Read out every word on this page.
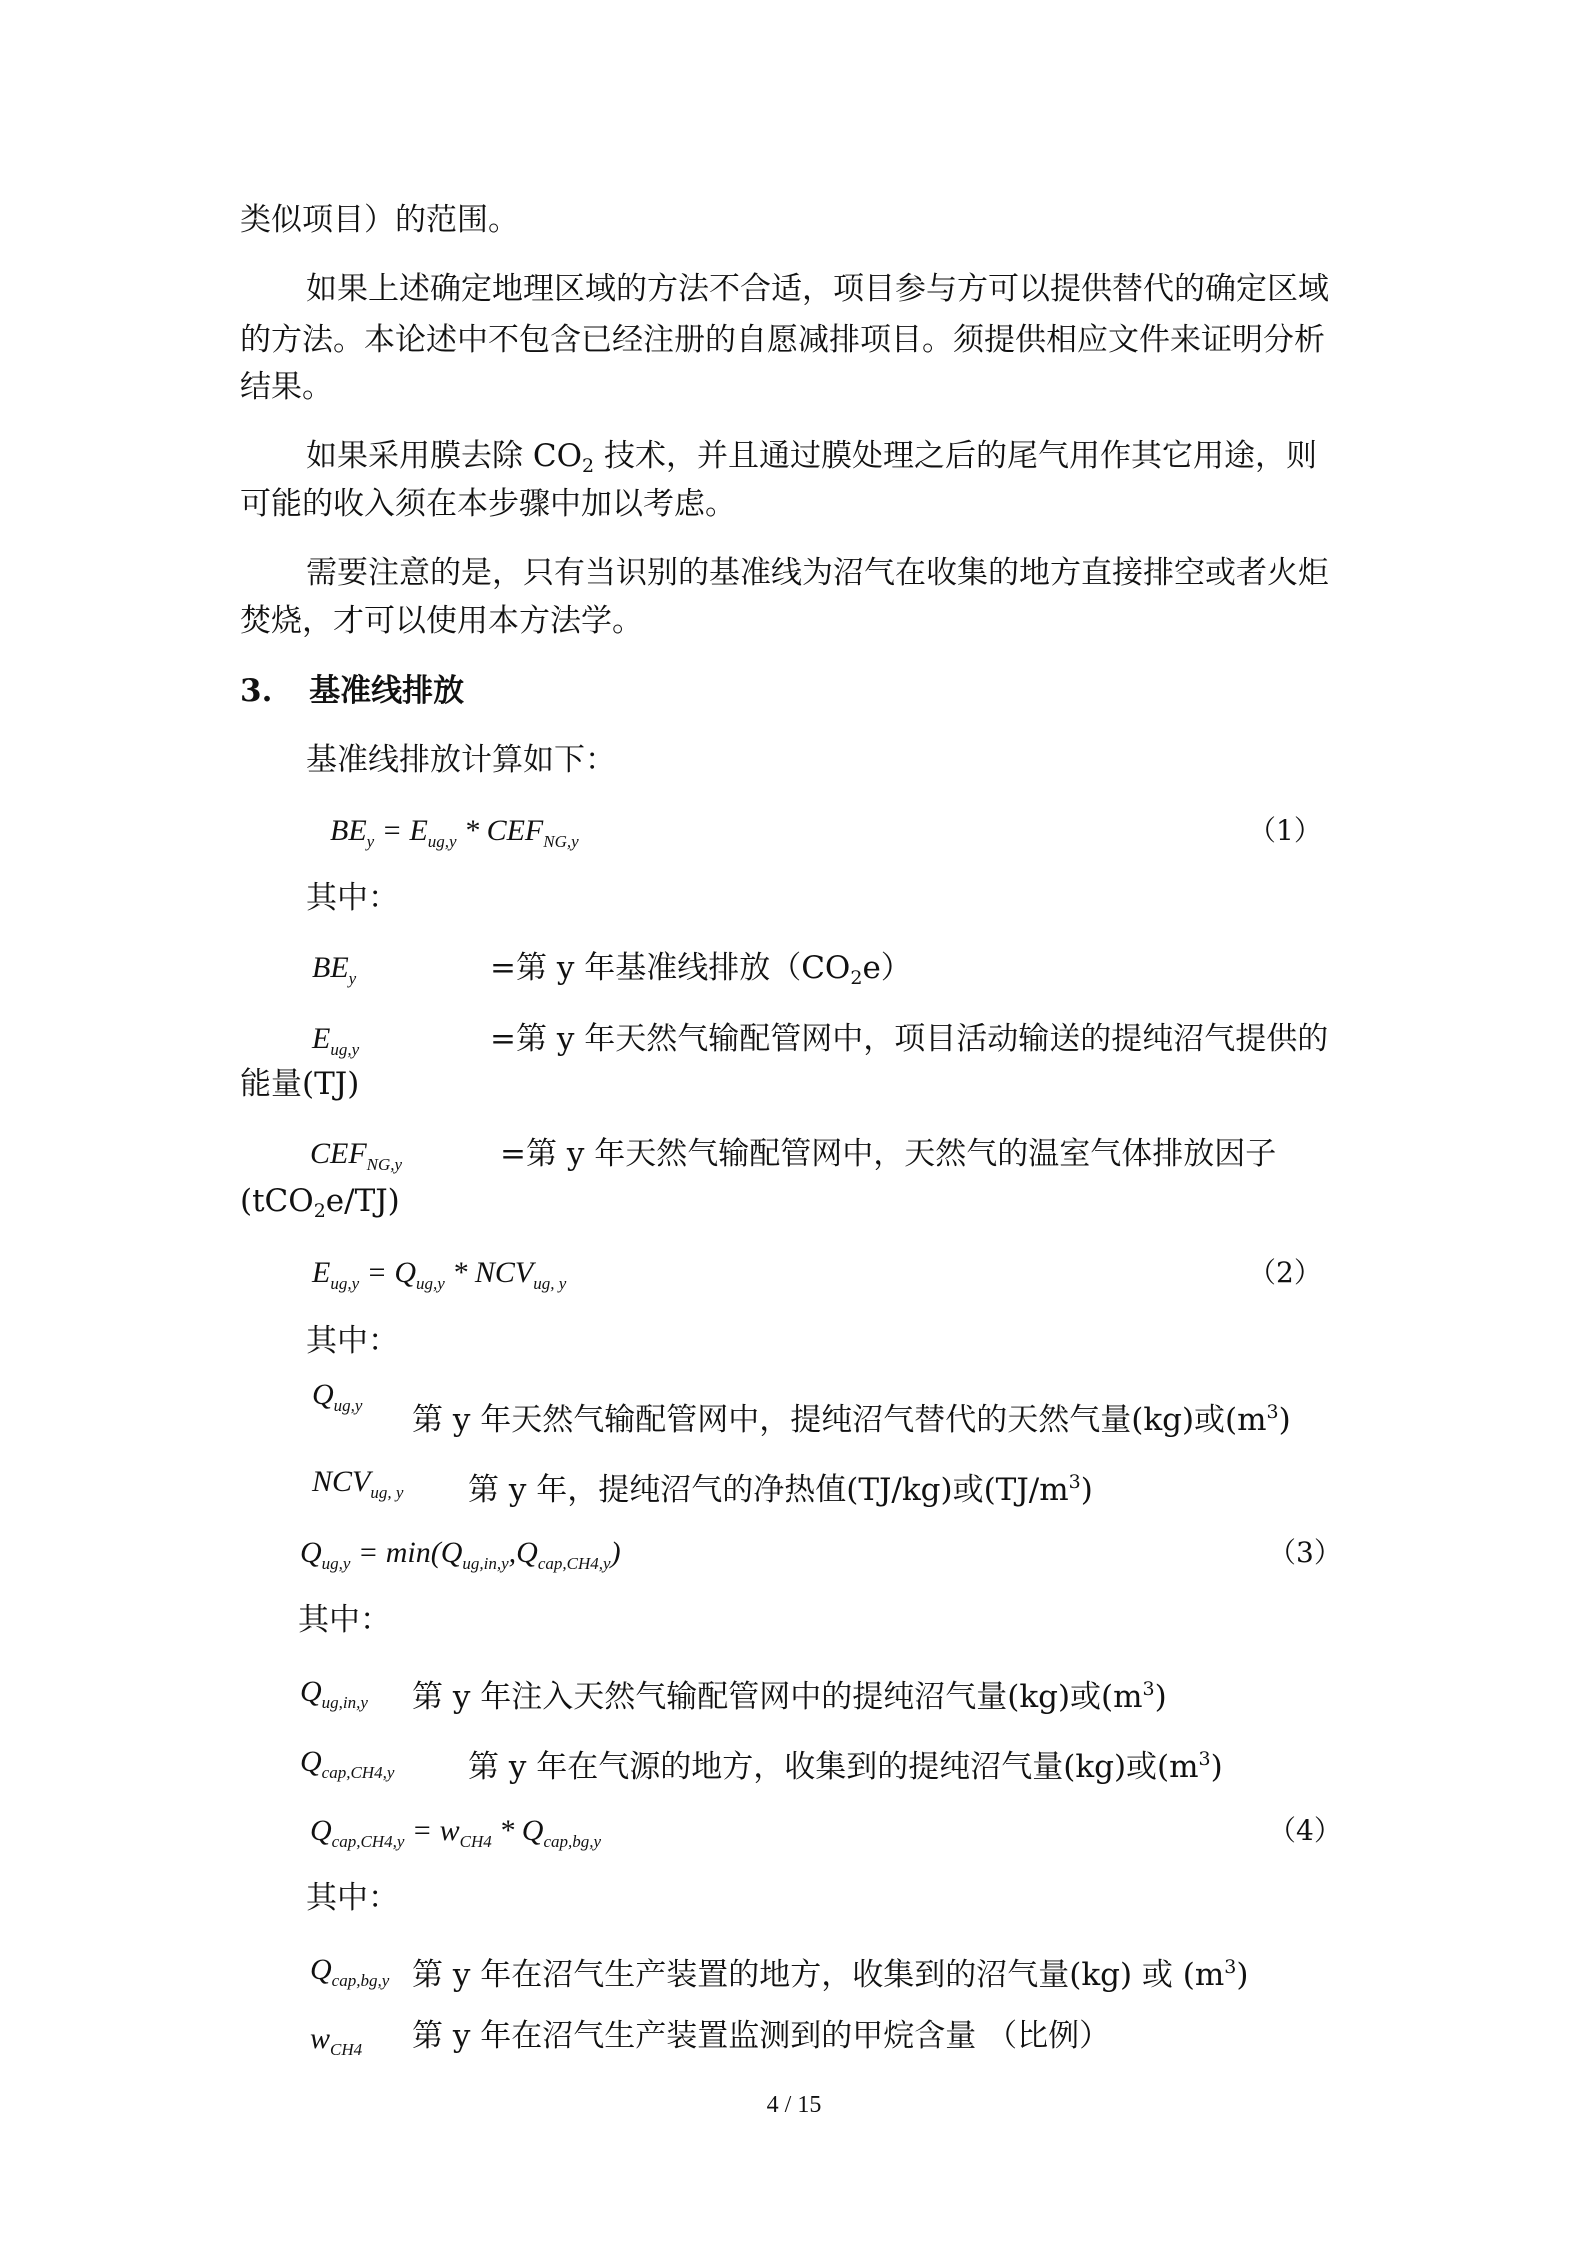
类似项目）的范围。
如果上述确定地理区域的方法不合适，项目参与方可以提供替代的确定区域
的方法。本论述中不包含已经注册的自愿减排项目。须提供相应文件来证明分析
结果。
如果采用膜去除 $CO_2$ 技术，并且通过膜处理之后的尾气用作其它用途，则
可能的收入须在本步骤中加以考虑。
需要注意的是，只有当识别的基准线为沼气在收集的地方直接排空或者火炬
焚烧，才可以使用本方法学。
3. 基准线排放
基准线排放计算如下：
$BE_y = E_{ug,y} * CEF_{NG,y}$	（1）
其中：
$BE_y$	=第 y 年基准线排放$(CO_2e)$
$E_{ug,y}$	=第 y 年天然气输配管网中，项目活动输送的提纯沼气提供的
能量(TJ)
$CEF_{NG,y}$	=第 y 年天然气输配管网中，天然气的温室气体排放因子
(tCO$_2$e/TJ)
$E_{ug,y} = Q_{ug,y} * NCV_{ug, y}$	（2）
其中：
$Q_{ug,y}$ 第 y 年天然气输配管网中，提纯沼气替代的天然气量(kg)或$(m^3)$
$NCV_{ug, y}$ 第 y 年，提纯沼气的净热值(TJ/kg)或$(TJ/m^3)$
$Q_{ug,y} = \min(Q_{ug,in,y},Q_{cap,CH4,y})$	（3）
其中：
$Q_{ug,in,y}$ 第 y 年注入天然气输配管网中的提纯沼气量(kg)或$(m^3)$
$Q_{cap,CH4,y}$ 第 y 年在气源的地方，收集到的提纯沼气量(kg)或$(m^3)$
$Q_{cap,CH4,y} = w_{CH4} * Q_{cap,bg,y}$	（4）
其中：
$Q_{cap,bg,y}$ 第 y 年在沼气生产装置的地方，收集到的沼气量(kg) 或 $(m^3)$
$w_{CH4}$ 第 y 年在沼气生产装置监测到的甲烷含量 （比例）
4 / 15
